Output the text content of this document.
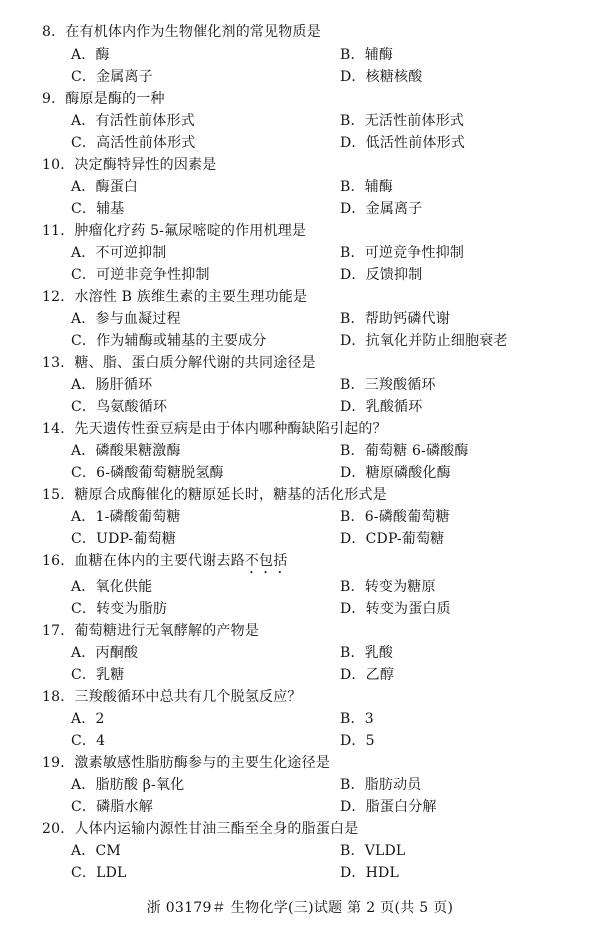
8．在有机体内作为生物催化剂的常见物质是
A．酶	B．辅酶
C．金属离子	D．核糖核酸
9．酶原是酶的一种
A．有活性前体形式	B．无活性前体形式
C．高活性前体形式	D．低活性前体形式
10．决定酶特异性的因素是
A．酶蛋白	B．辅酶
C．辅基	D．金属离子
11．肿瘤化疗药 5-氟尿嘧啶的作用机理是
A．不可逆抑制	B．可逆竞争性抑制
C．可逆非竞争性抑制	D．反馈抑制
12．水溶性 B 族维生素的主要生理功能是
A．参与血凝过程	B．帮助钙磷代谢
C．作为辅酶或辅基的主要成分	D．抗氧化并防止细胞衰老
13．糖、脂、蛋白质分解代谢的共同途径是
A．肠肝循环	B．三羧酸循环
C．鸟氨酸循环	D．乳酸循环
14．先天遗传性蚕豆病是由于体内哪种酶缺陷引起的？
A．磷酸果糖激酶	B．葡萄糖 6-磷酸酶
C．6-磷酸葡萄糖脱氢酶	D．糖原磷酸化酶
15．糖原合成酶催化的糖原延长时，糖基的活化形式是
A．1-磷酸葡萄糖	B．6-磷酸葡萄糖
C．UDP-葡萄糖	D．CDP-葡萄糖
16．血糖在体内的主要代谢去路不包括
A．氧化供能	B．转变为糖原
C．转变为脂肪	D．转变为蛋白质
17．葡萄糖进行无氧酵解的产物是
A．丙酮酸	B．乳酸
C．乳糖	D．乙醇
18．三羧酸循环中总共有几个脱氢反应？
A．2	B．3
C．4	D．5
19．激素敏感性脂肪酶参与的主要生化途径是
A．脂肪酸 β-氧化	B．脂肪动员
C．磷脂水解	D．脂蛋白分解
20．人体内运输内源性甘油三酯至全身的脂蛋白是
A．CM	B．VLDL
C．LDL	D．HDL
浙 03179＃ 生物化学(三)试题 第 2 页(共 5 页)
